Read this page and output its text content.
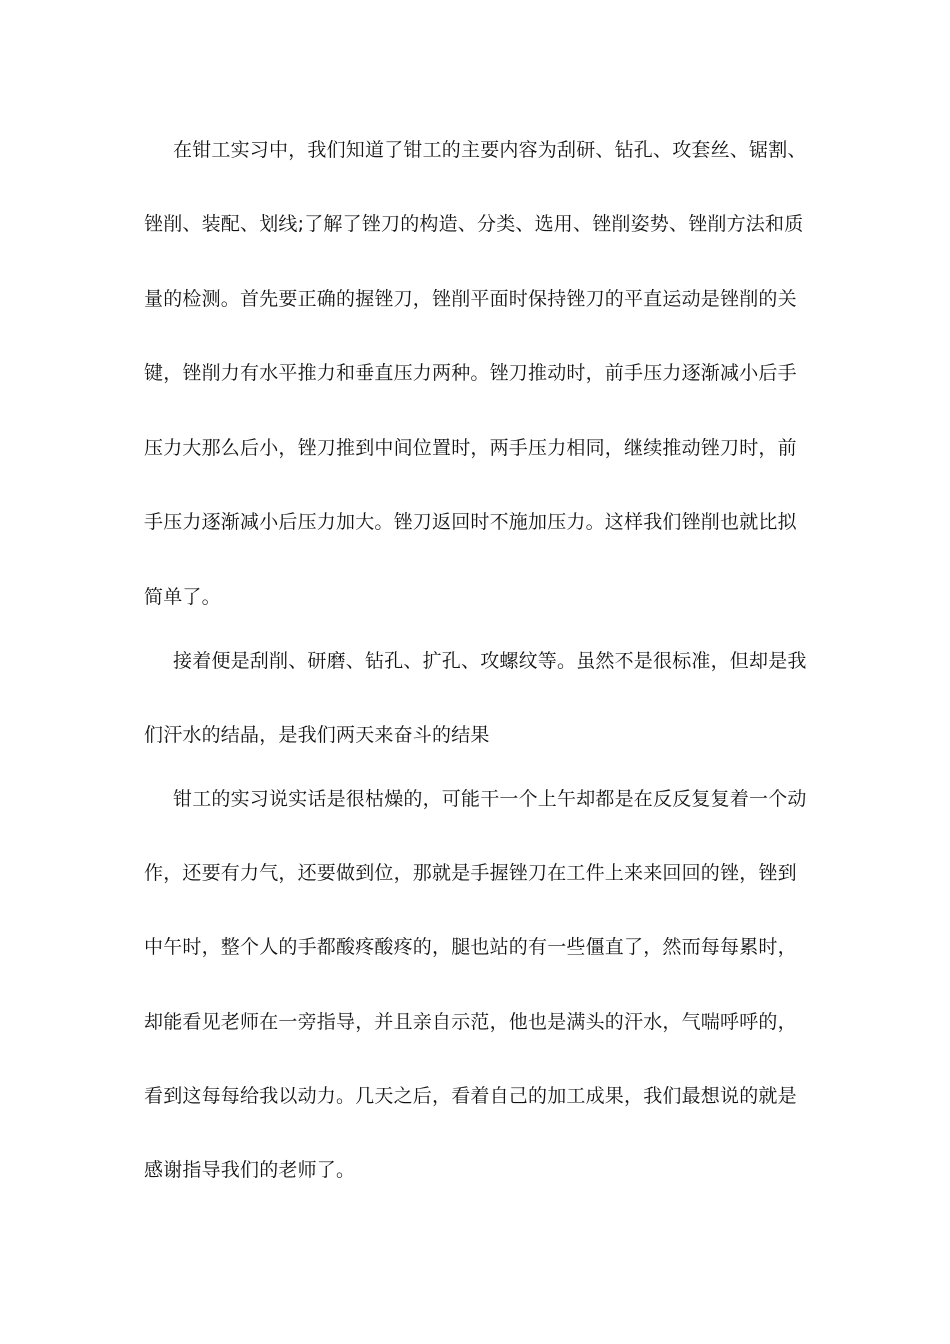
在钳工实习中，我们知道了钳工的主要内容为刮研、钻孔、攻套丝、锯割、
锉削、装配、划线;了解了锉刀的构造、分类、选用、锉削姿势、锉削方法和质
量的检测。首先要正确的握锉刀，锉削平面时保持锉刀的平直运动是锉削的关
键，锉削力有水平推力和垂直压力两种。锉刀推动时，前手压力逐渐减小后手
压力大那么后小，锉刀推到中间位置时，两手压力相同，继续推动锉刀时，前
手压力逐渐减小后压力加大。锉刀返回时不施加压力。这样我们锉削也就比拟
简单了。
接着便是刮削、研磨、钻孔、扩孔、攻螺纹等。虽然不是很标准，但却是我
们汗水的结晶，是我们两天来奋斗的结果
钳工的实习说实话是很枯燥的，可能干一个上午却都是在反反复复着一个动
作，还要有力气，还要做到位，那就是手握锉刀在工件上来来回回的锉，锉到
中午时，整个人的手都酸疼酸疼的，腿也站的有一些僵直了，然而每每累时，
却能看见老师在一旁指导，并且亲自示范，他也是满头的汗水，气喘呼呼的，
看到这每每给我以动力。几天之后，看着自己的加工成果，我们最想说的就是
感谢指导我们的老师了。
